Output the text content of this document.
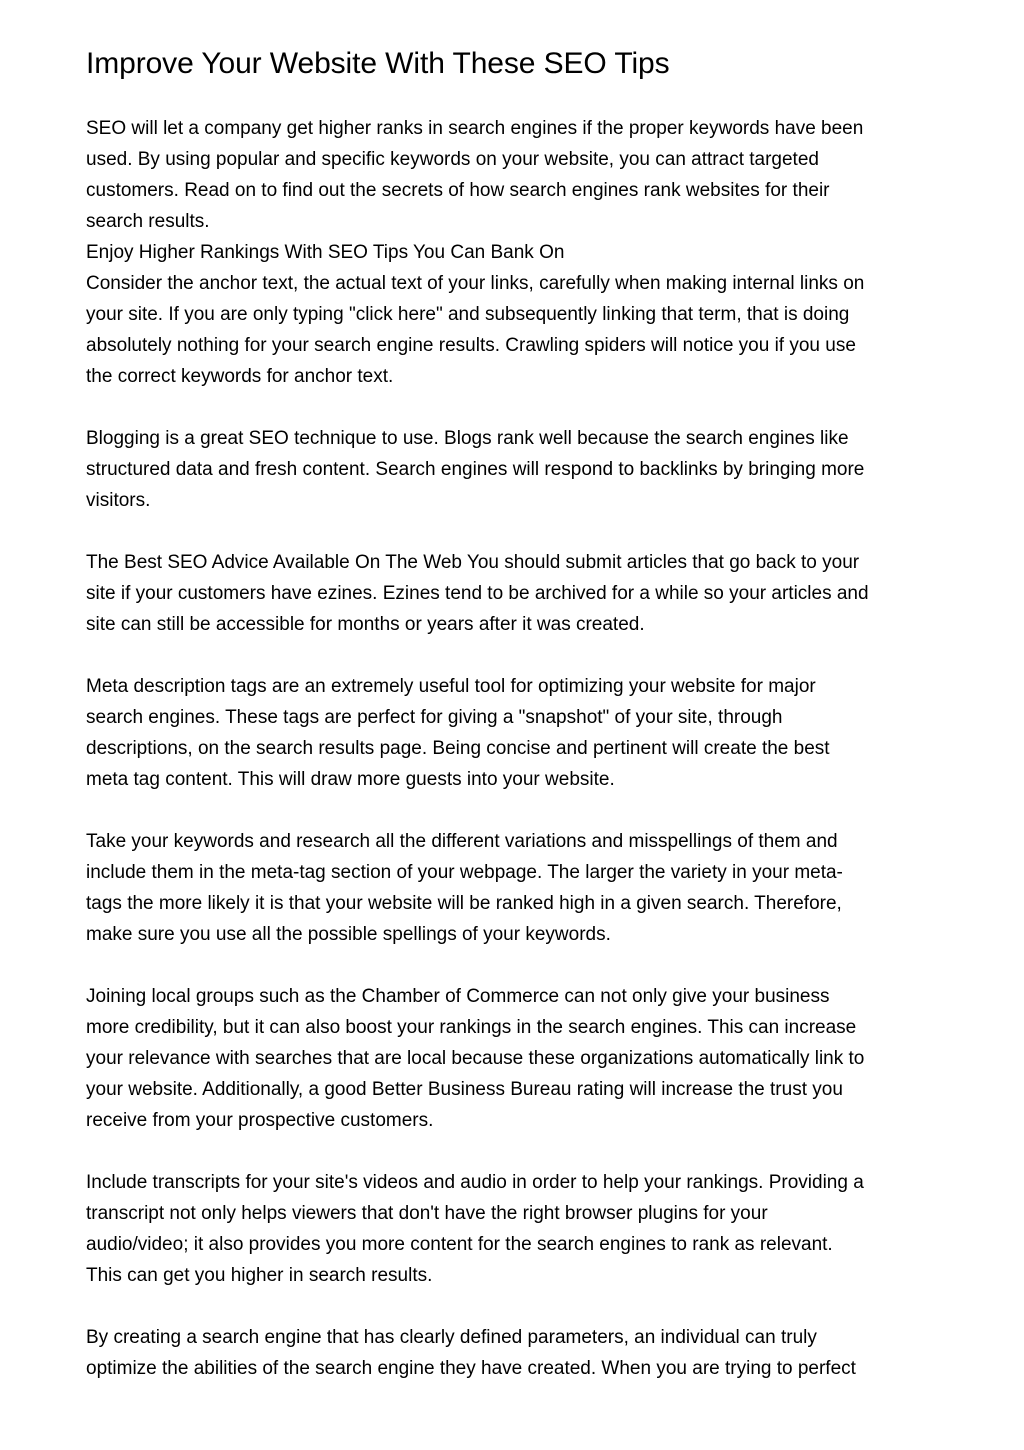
Improve Your Website With These SEO Tips

SEO will let a company get higher ranks in search engines if the proper keywords have been
used. By using popular and specific keywords on your website, you can attract targeted
customers. Read on to find out the secrets of how search engines rank websites for their
search results.
Enjoy Higher Rankings With SEO Tips You Can Bank On
Consider the anchor text, the actual text of your links, carefully when making internal links on
your site. If you are only typing "click here" and subsequently linking that term, that is doing
absolutely nothing for your search engine results. Crawling spiders will notice you if you use
the correct keywords for anchor text.

Blogging is a great SEO technique to use. Blogs rank well because the search engines like
structured data and fresh content. Search engines will respond to backlinks by bringing more
visitors.

The Best SEO Advice Available On The Web You should submit articles that go back to your
site if your customers have ezines. Ezines tend to be archived for a while so your articles and
site can still be accessible for months or years after it was created.

Meta description tags are an extremely useful tool for optimizing your website for major
search engines. These tags are perfect for giving a "snapshot" of your site, through
descriptions, on the search results page. Being concise and pertinent will create the best
meta tag content. This will draw more guests into your website.

Take your keywords and research all the different variations and misspellings of them and
include them in the meta-tag section of your webpage. The larger the variety in your meta-
tags the more likely it is that your website will be ranked high in a given search. Therefore,
make sure you use all the possible spellings of your keywords.

Joining local groups such as the Chamber of Commerce can not only give your business
more credibility, but it can also boost your rankings in the search engines. This can increase
your relevance with searches that are local because these organizations automatically link to
your website. Additionally, a good Better Business Bureau rating will increase the trust you
receive from your prospective customers.

Include transcripts for your site's videos and audio in order to help your rankings. Providing a
transcript not only helps viewers that don't have the right browser plugins for your
audio/video; it also provides you more content for the search engines to rank as relevant.
This can get you higher in search results.

By creating a search engine that has clearly defined parameters, an individual can truly
optimize the abilities of the search engine they have created. When you are trying to perfect
